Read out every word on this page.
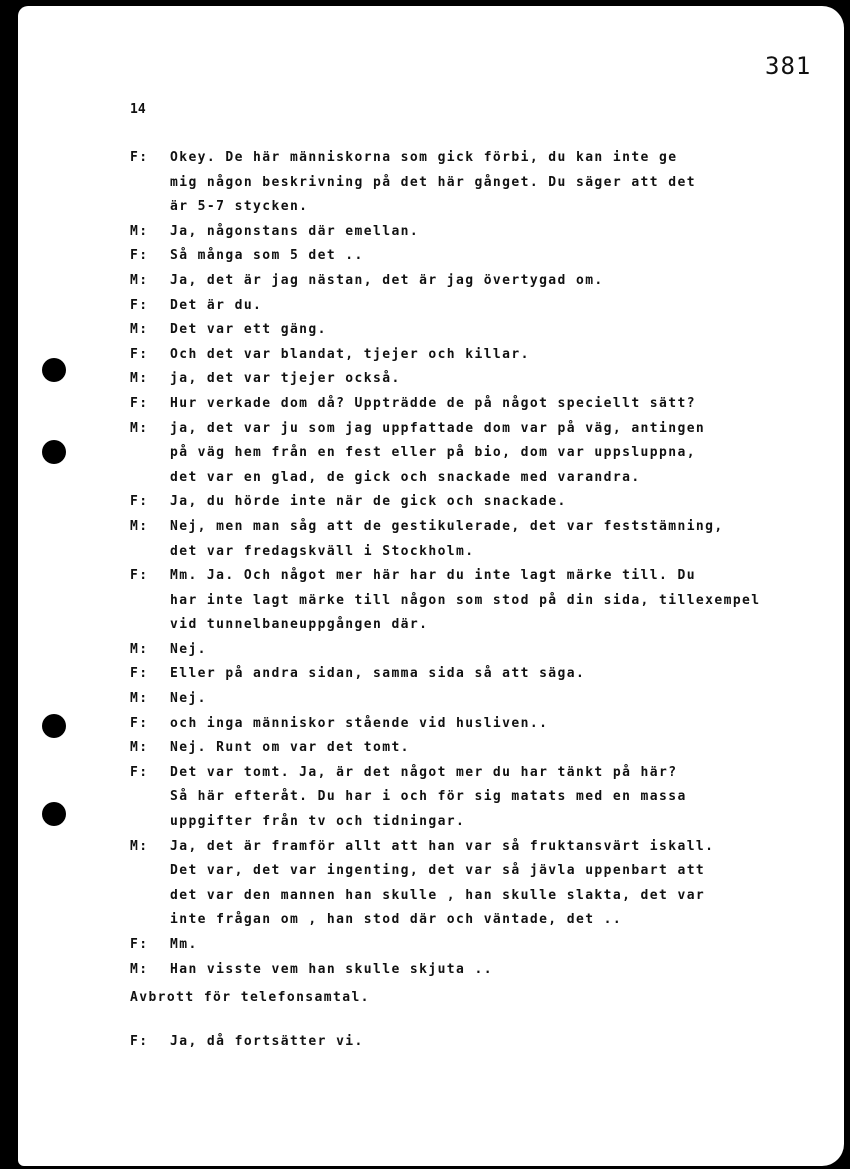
381
14
F:	Okey. De här människorna som gick förbi, du kan inte ge
mig någon beskrivning på det här gånget. Du säger att det
är 5-7 stycken.
M:	Ja, någonstans där emellan.
F:	Så många som 5 det ..
M:	Ja, det är jag nästan, det är jag övertygad om.
F:	Det är du.
M:	Det var ett gäng.
F:	Och det var blandat, tjejer och killar.
M:	ja, det var tjejer också.
F:	Hur verkade dom då? Uppträdde de på något speciellt sätt?
M:	ja, det var ju som jag uppfattade dom var på väg, antingen
på väg hem från en fest eller på bio, dom var uppsluppna,
det var en glad, de gick och snackade med varandra.
F:	Ja, du hörde inte när de gick och snackade.
M:	Nej, men man såg att de gestikulerade, det var feststämning,
det var fredagskväll i Stockholm.
F:	Mm. Ja. Och något mer här har du inte lagt märke till. Du
har inte lagt märke till någon som stod på din sida, tillexempel
vid tunnelbaneuppgången där.
M:	Nej.
F:	Eller på andra sidan, samma sida så att säga.
M:	Nej.
F:	och inga människor stående vid husliven..
M:	Nej. Runt om var det tomt.
F:	Det var tomt. Ja, är det något mer du har tänkt på här?
Så här efteråt. Du har i och för sig matats med en massa
uppgifter från tv och tidningar.
M:	Ja, det är framför allt att han var så fruktansvärt iskall.
Det var, det var ingenting, det var så jävla uppenbart att
det var den mannen han skulle , han skulle slakta, det var
inte frågan om , han stod där och väntade, det ..
F:	Mm.
M:	Han visste vem han skulle skjuta ..
Avbrott för telefonsamtal.
F:	Ja, då fortsätter vi.
